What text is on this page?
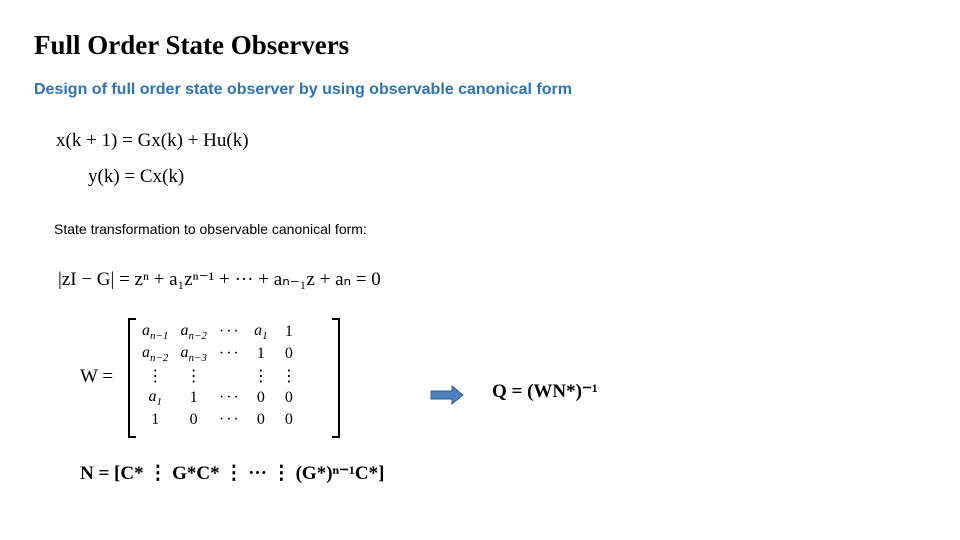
Full Order State Observers
Design of full order state observer by using observable canonical form
x(k + 1) = Gx(k) + Hu(k)
y(k) = Cx(k)
State transformation to observable canonical form:
|zI − G| = zⁿ + a₁zⁿ⁻¹ + ··· + aₙ₋₁z + aₙ = 0
W =
$a_{n-1}$	$a_{n-2}$	···	$a_1$	1
$a_{n-2}$	$a_{n-3}$	···	1	0
⋮	⋮		⋮	⋮
$a_1$	1	···	0	0
1	0	···	0	0
Q = (WN*)⁻¹
N = [C* ⋮ G*C* ⋮ ··· ⋮ (G*)ⁿ⁻¹C*]
